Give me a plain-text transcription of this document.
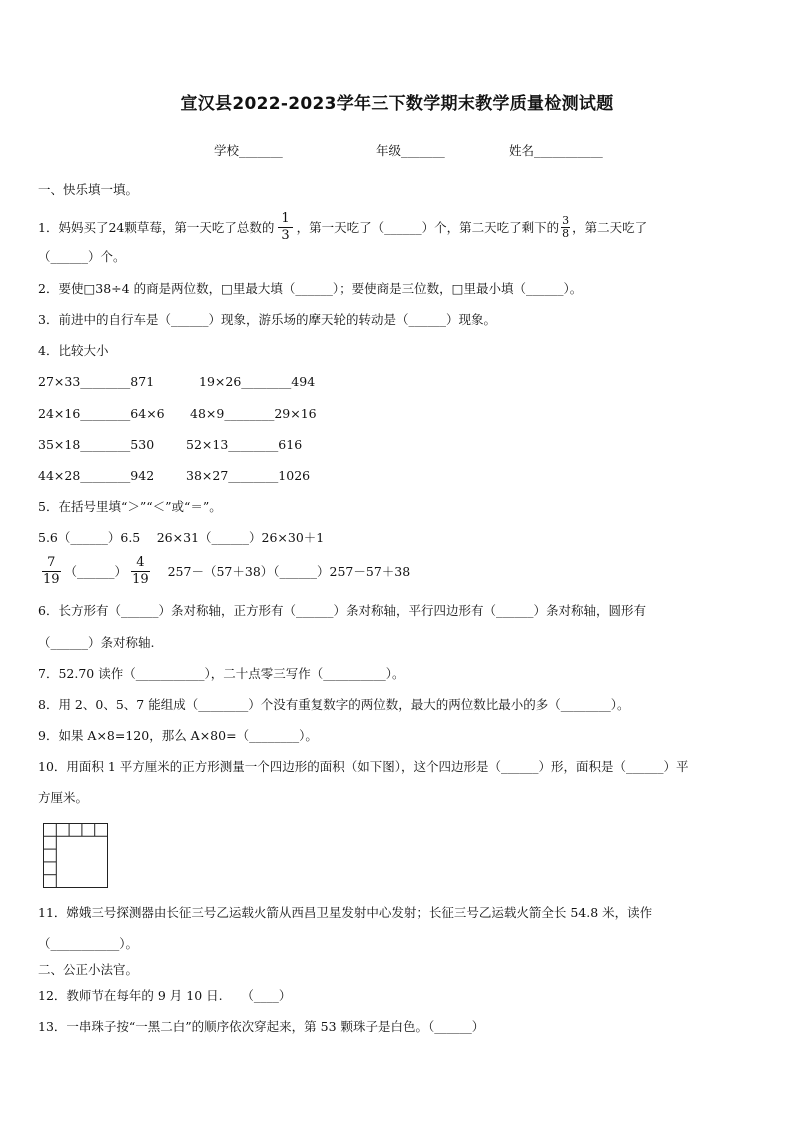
宣汉县2022-2023学年三下数学期末教学质量检测试题
学校_______	年级_______	姓名___________
一、快乐填一填。
1．妈妈买了24颗草莓，第一天吃了总数的 $\frac{1}{3}$ ，第一天吃了（______）个，第二天吃了剩下的 $\frac{3}{8}$ ，第二天吃了
（______）个。
2．要使□38÷4 的商是两位数，□里最大填（______）；要使商是三位数，□里最小填（______）。
3．前进中的自行车是（______）现象，游乐场的摩天轮的转动是（______）现象。
4．比较大小
27×33________871	19×26________494
24×16________64×6 48×9________29×16
35×18________530	52×13________616
44×28________942	38×27________1026
5．在括号里填“＞”“＜”或“＝”。
5.6（______）6.5　 26×31（______）26×30＋1
$\frac{7}{19}$ （______） $\frac{4}{19}$ 257－（57＋38）（______）257－57＋38
6．长方形有（______）条对称轴，正方形有（______）条对称轴，平行四边形有（______）条对称轴，圆形有
（______）条对称轴.
7．52.70 读作（___________），二十点零三写作（__________）。
8．用 2、0、5、7 能组成（________）个没有重复数字的两位数，最大的两位数比最小的多（________）。
9．如果 A×8=120，那么 A×80=（________）。
10．用面积 1 平方厘米的正方形测量一个四边形的面积（如下图），这个四边形是（______）形，面积是（______）平
方厘米。
11．嫦娥三号探测器由长征三号乙运载火箭从西昌卫星发射中心发射；长征三号乙运载火箭全长 54.8 米，读作
（___________）。
二、公正小法官。
12．教师节在每年的 9 月 10 日.　　（____）
13．一串珠子按“一黑二白”的顺序依次穿起来，第 53 颗珠子是白色。（______）
